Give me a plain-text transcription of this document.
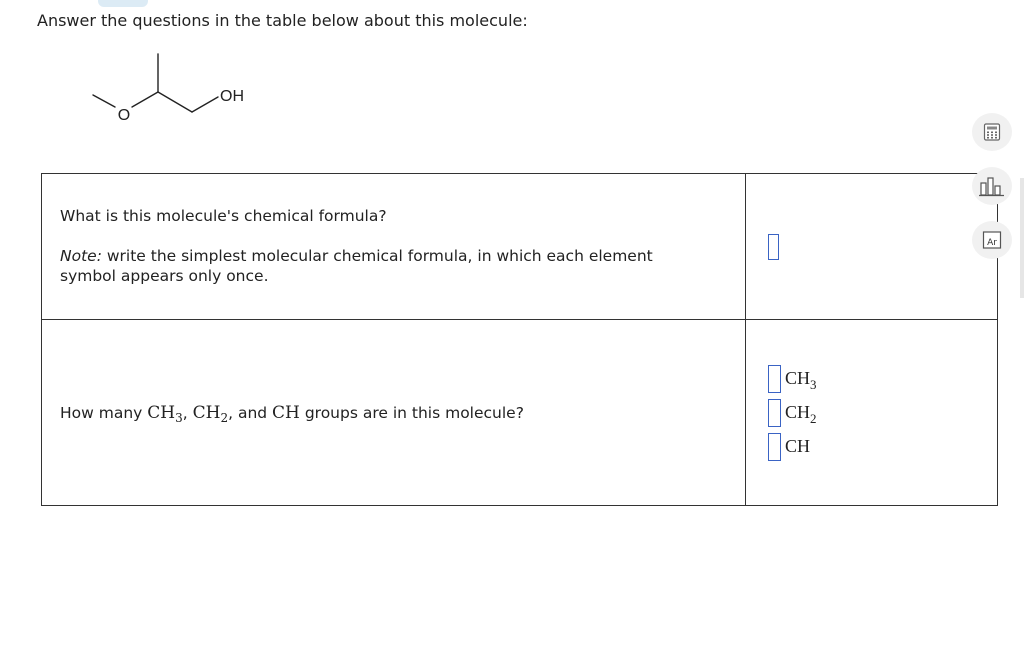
Answer the questions in the table below about this molecule:
O
OH

What is this molecule's chemical formula?

Note: write the simplest molecular chemical formula, in which each element symbol appears only once.	

How many $CH_3$, $CH_2$, and CH groups are in this molecule?	$CH_3$
$CH_2$
CH
Ar
